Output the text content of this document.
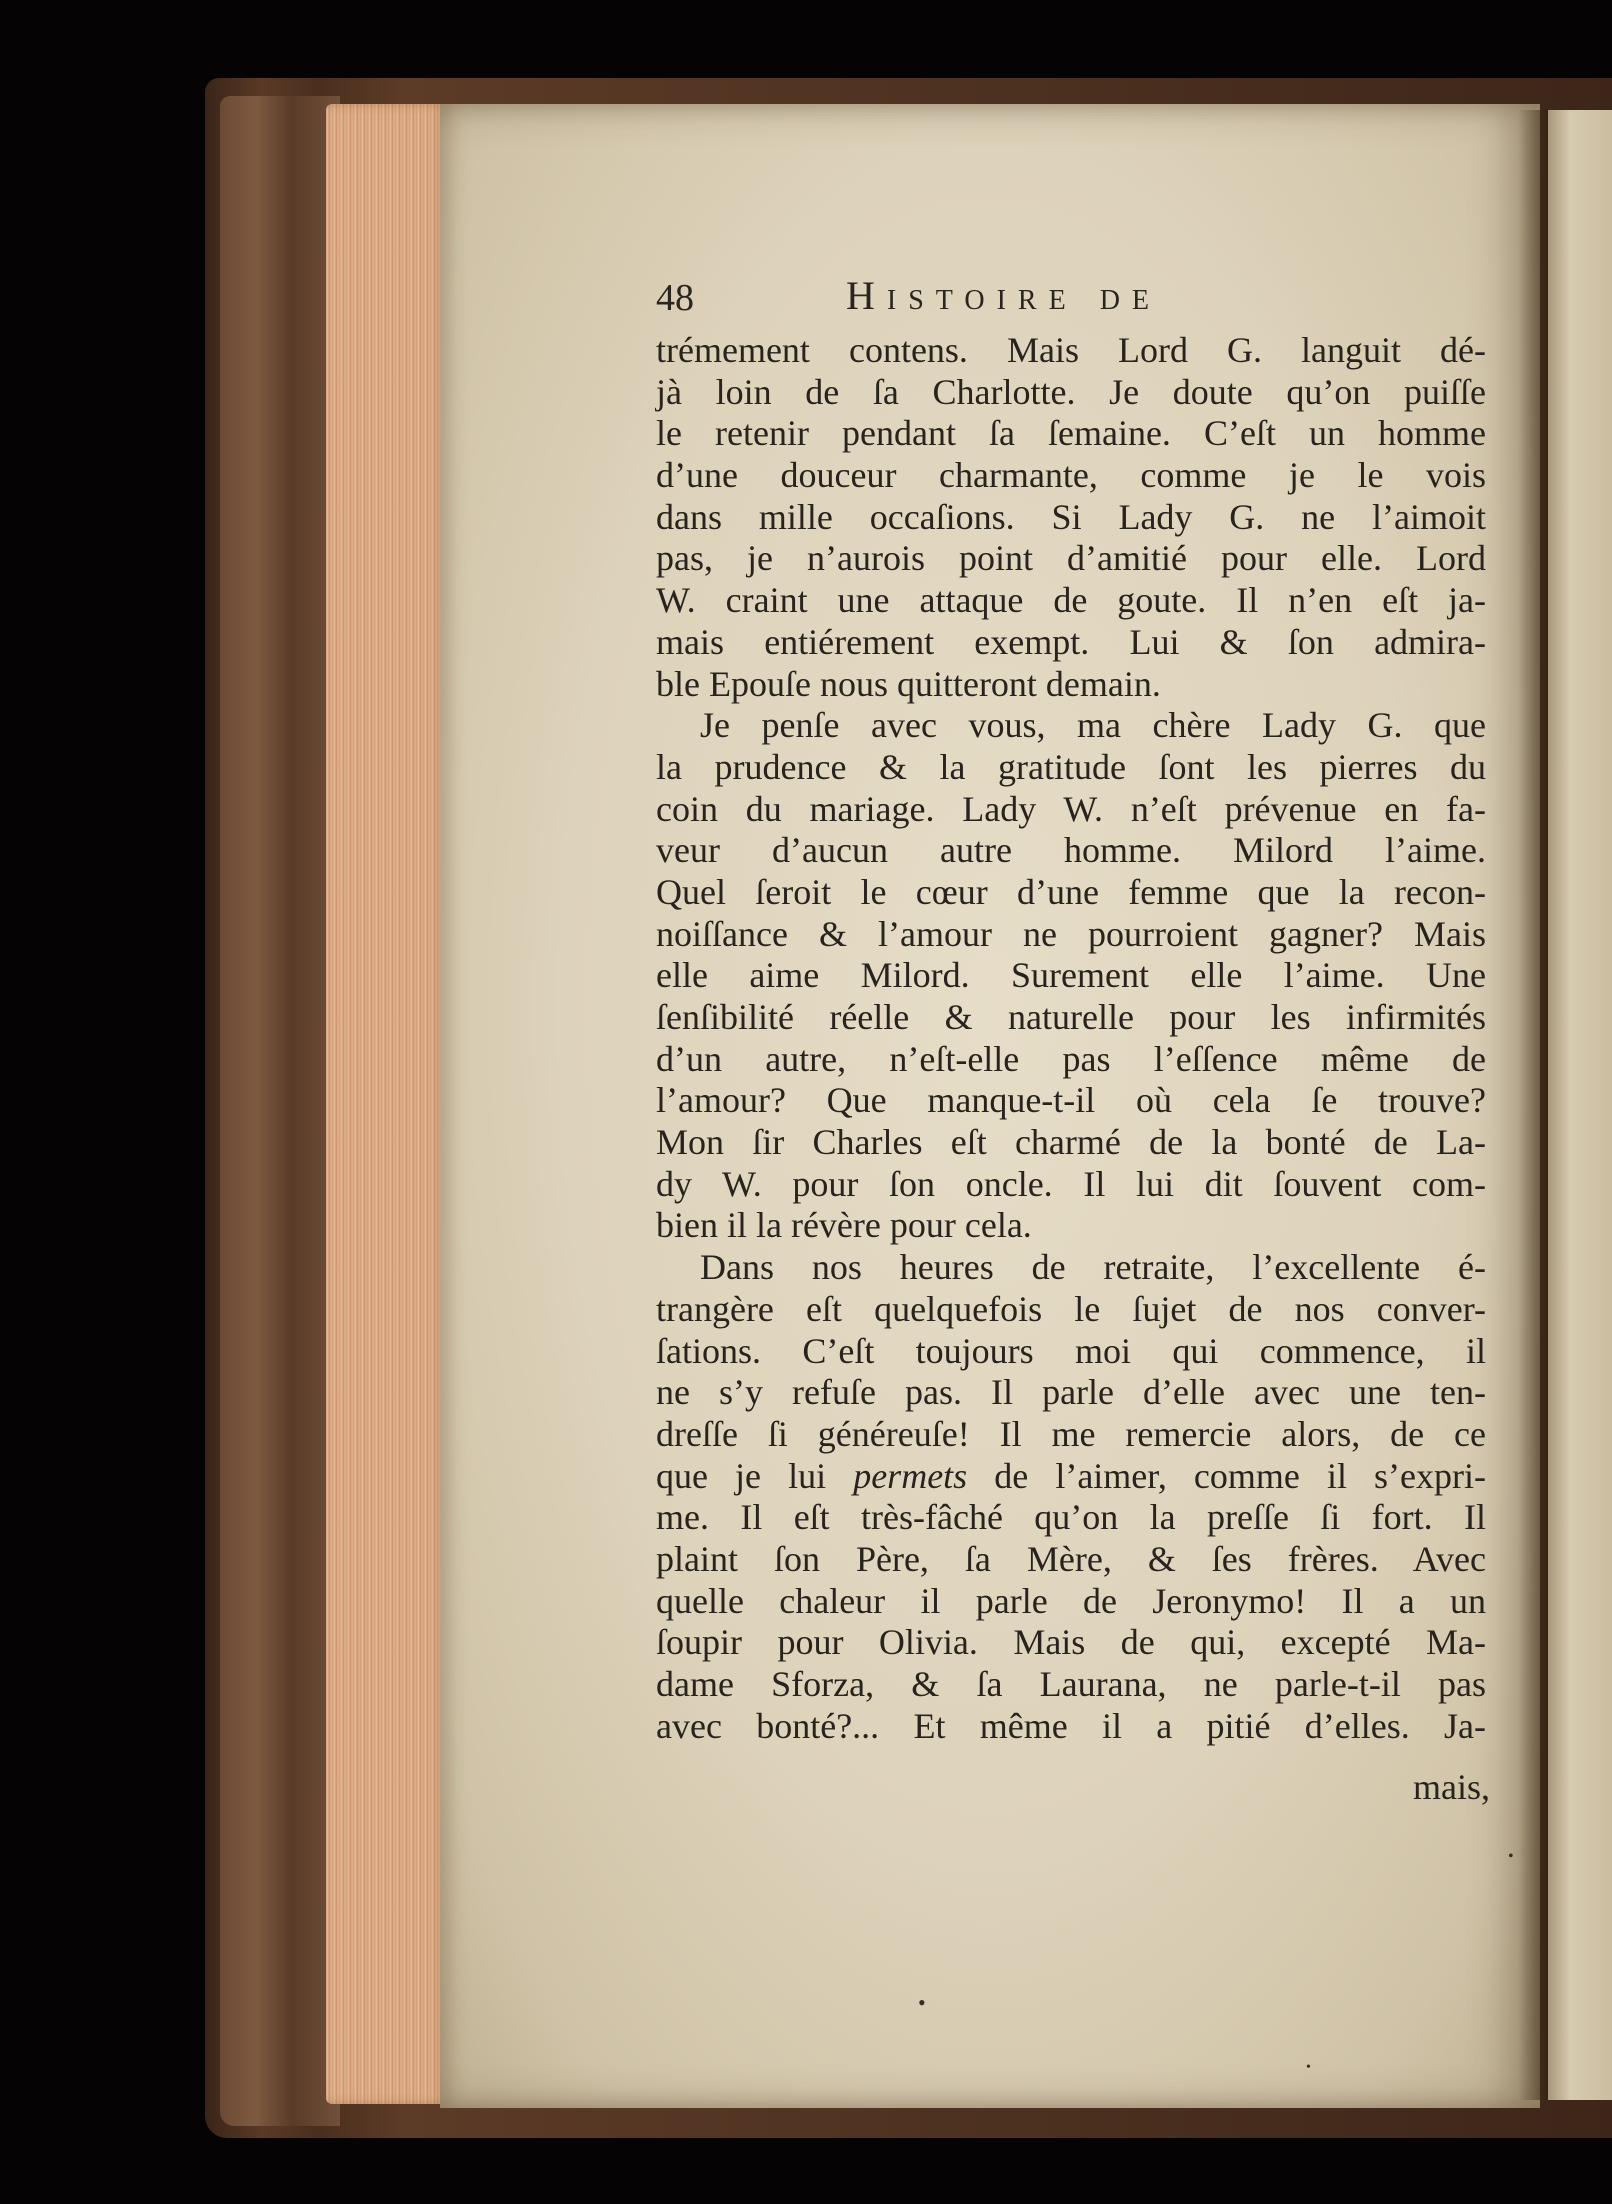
48	Histoire de
trémement contens. Mais Lord G. languit dé-
jà loin de ſa Charlotte. Je doute qu’on puiſſe
le retenir pendant ſa ſemaine. C’eſt un homme
d’une douceur charmante, comme je le vois
dans mille occaſions. Si Lady G. ne l’aimoit
pas, je n’aurois point d’amitié pour elle. Lord
W. craint une attaque de goute. Il n’en eſt ja-
mais entiérement exempt. Lui & ſon admira-
ble Epouſe nous quitteront demain.
Je penſe avec vous, ma chère Lady G. que
la prudence & la gratitude ſont les pierres du
coin du mariage. Lady W. n’eſt prévenue en fa-
veur d’aucun autre homme. Milord l’aime.
Quel ſeroit le cœur d’une femme que la recon-
noiſſance & l’amour ne pourroient gagner? Mais
elle aime Milord. Surement elle l’aime. Une
ſenſibilité réelle & naturelle pour les infirmités
d’un autre, n’eſt-elle pas l’eſſence même de
l’amour? Que manque-t-il où cela ſe trouve?
Mon ſir Charles eſt charmé de la bonté de La-
dy W. pour ſon oncle. Il lui dit ſouvent com-
bien il la révère pour cela.
Dans nos heures de retraite, l’excellente é-
trangère eſt quelquefois le ſujet de nos conver-
ſations. C’eſt toujours moi qui commence, il
ne s’y refuſe pas. Il parle d’elle avec une ten-
dreſſe ſi généreuſe! Il me remercie alors, de ce
que je lui permets de l’aimer, comme il s’expri-
me. Il eſt très-fâché qu’on la preſſe ſi fort. Il
plaint ſon Père, ſa Mère, & ſes frères. Avec
quelle chaleur il parle de Jeronymo! Il a un
ſoupir pour Olivia. Mais de qui, excepté Ma-
dame Sforza, & ſa Laurana, ne parle-t-il pas
avec bonté?... Et même il a pitié d’elles. Ja-
mais,
•
•
•
